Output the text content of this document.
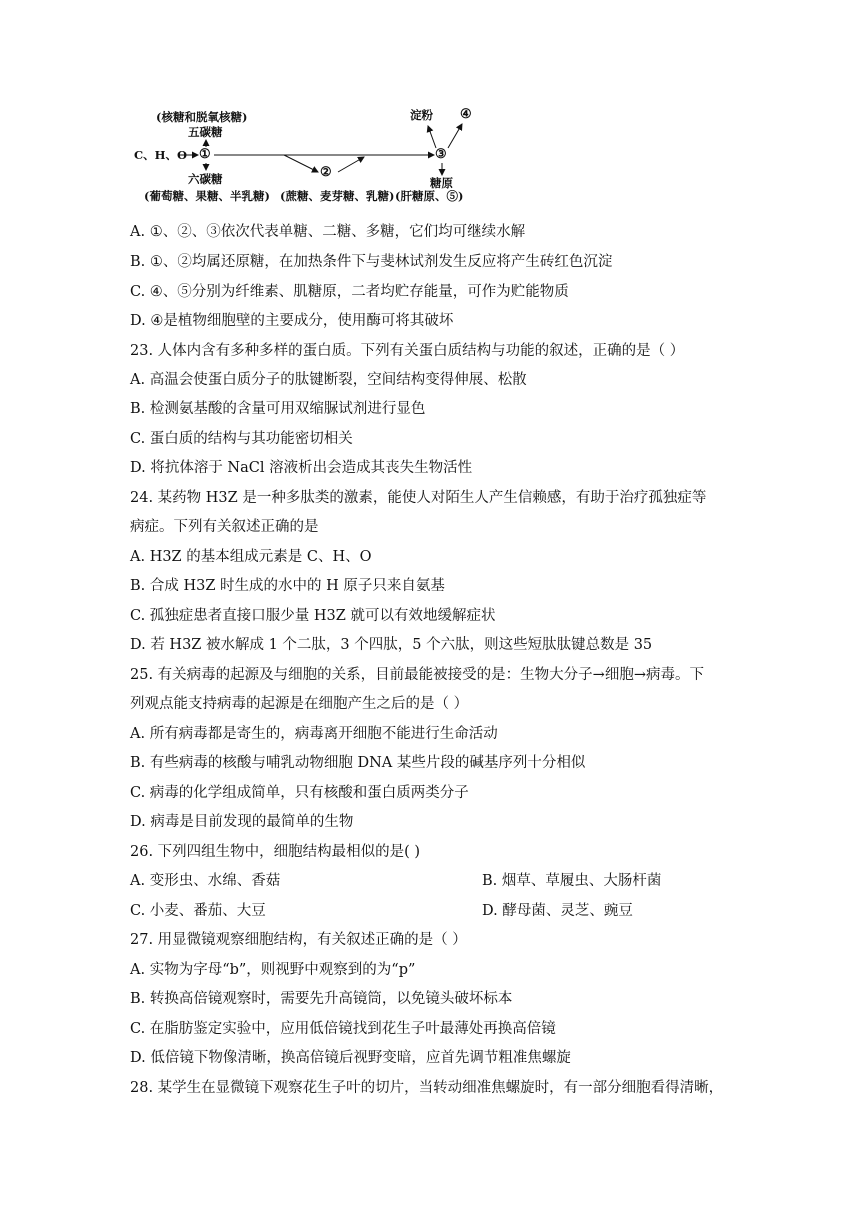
(核糖和脱氧核糖)
五碳糖
C、H、O ①
六碳糖
(葡萄糖、果糖、半乳糖)
②
(蔗糖、麦芽糖、乳糖)
淀粉 ④
③
糖原
(肝糖原、⑤)
A. ①、②、③依次代表单糖、二糖、多糖，它们均可继续水解
B. ①、②均属还原糖，在加热条件下与斐林试剂发生反应将产生砖红色沉淀
C. ④、⑤分别为纤维素、肌糖原，二者均贮存能量，可作为贮能物质
D. ④是植物细胞壁的主要成分，使用酶可将其破坏
23. 人体内含有多种多样的蛋白质。下列有关蛋白质结构与功能的叙述，正确的是（ ）
A. 高温会使蛋白质分子的肽键断裂，空间结构变得伸展、松散
B. 检测氨基酸的含量可用双缩脲试剂进行显色
C. 蛋白质的结构与其功能密切相关
D. 将抗体溶于 NaCl 溶液析出会造成其丧失生物活性
24. 某药物 H3Z 是一种多肽类的激素，能使人对陌生人产生信赖感，有助于治疗孤独症等
病症。下列有关叙述正确的是
A. H3Z 的基本组成元素是 C、H、O
B. 合成 H3Z 时生成的水中的 H 原子只来自氨基
C. 孤独症患者直接口服少量 H3Z 就可以有效地缓解症状
D. 若 H3Z 被水解成 1 个二肽，3 个四肽，5 个六肽，则这些短肽肽键总数是 35
25. 有关病毒的起源及与细胞的关系，目前最能被接受的是：生物大分子→细胞→病毒。下
列观点能支持病毒的起源是在细胞产生之后的是（ ）
A. 所有病毒都是寄生的，病毒离开细胞不能进行生命活动
B. 有些病毒的核酸与哺乳动物细胞 DNA 某些片段的碱基序列十分相似
C. 病毒的化学组成简单，只有核酸和蛋白质两类分子
D. 病毒是目前发现的最简单的生物
26. 下列四组生物中，细胞结构最相似的是( )
A. 变形虫、水绵、香菇	B. 烟草、草履虫、大肠杆菌
C. 小麦、番茄、大豆	D. 酵母菌、灵芝、豌豆
27. 用显微镜观察细胞结构，有关叙述正确的是（ ）
A. 实物为字母“b”，则视野中观察到的为“p”
B. 转换高倍镜观察时，需要先升高镜筒，以免镜头破坏标本
C. 在脂肪鉴定实验中，应用低倍镜找到花生子叶最薄处再换高倍镜
D. 低倍镜下物像清晰，换高倍镜后视野变暗，应首先调节粗准焦螺旋
28. 某学生在显微镜下观察花生子叶的切片，当转动细准焦螺旋时，有一部分细胞看得清晰，
